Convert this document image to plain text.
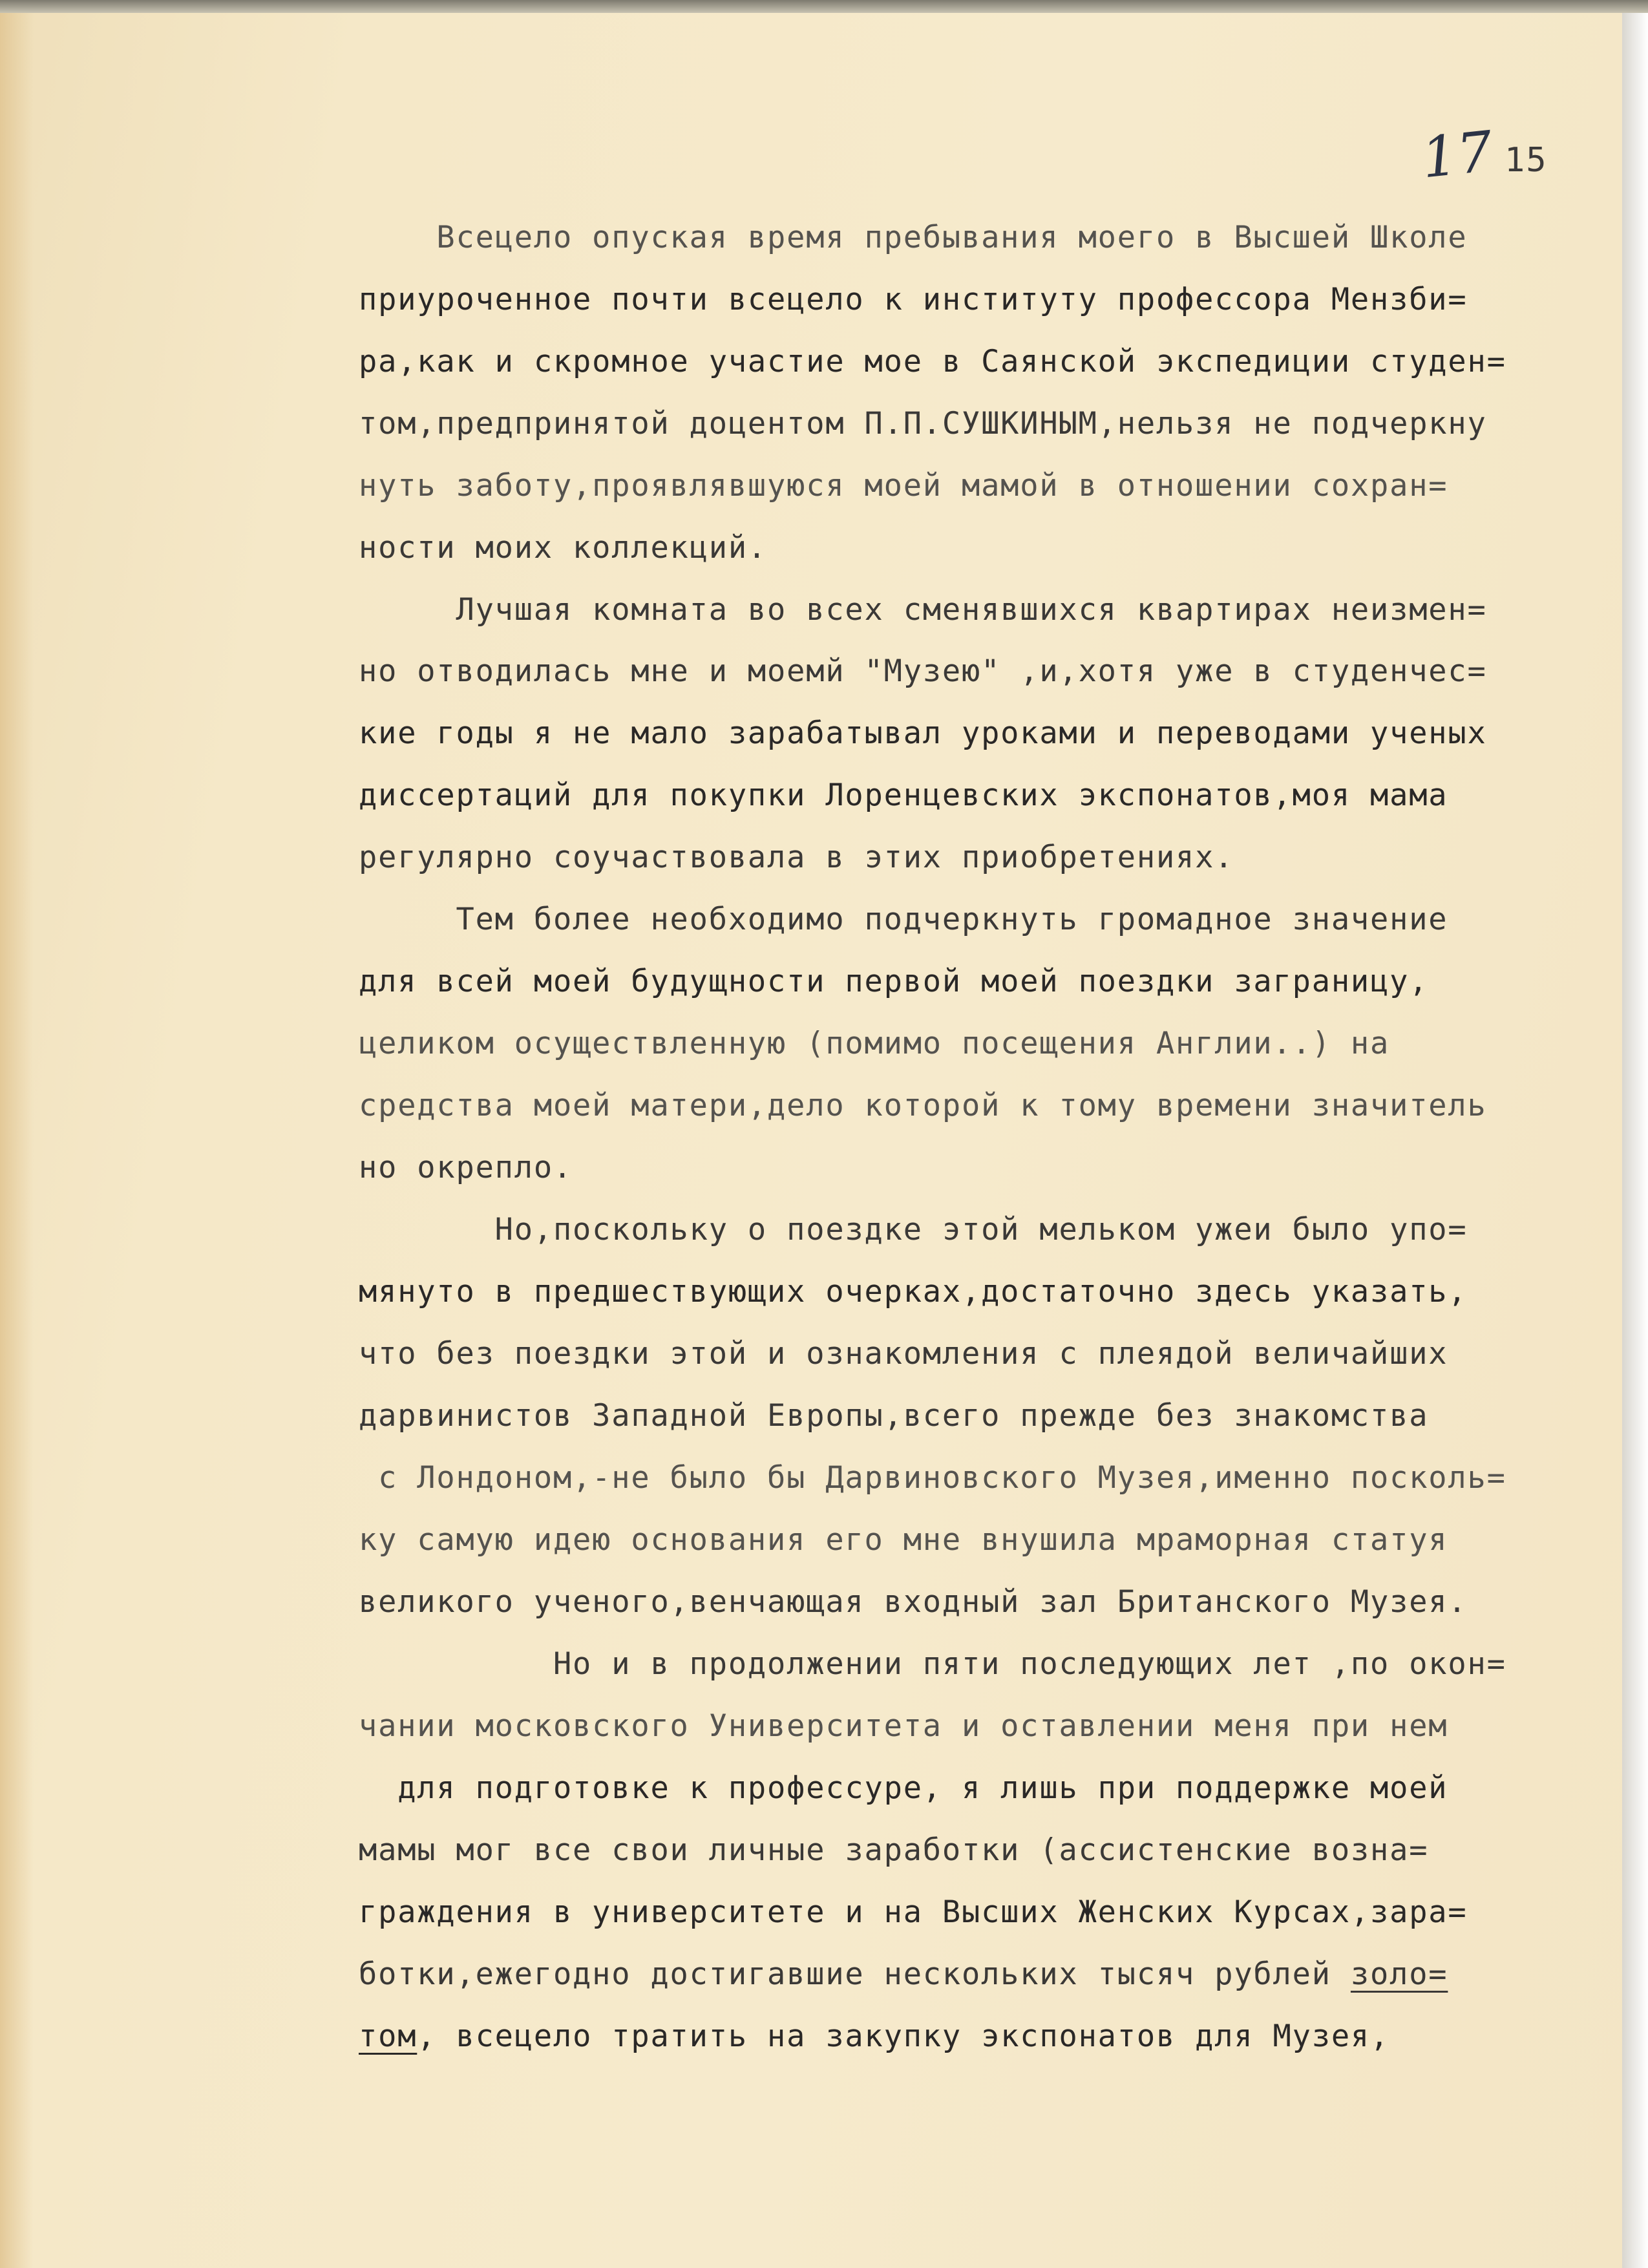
17 15
Всецело опуская время пребывания моего в Высшей Школе
приуроченное почти всецело к институту профессора Мензби=
ра,как и скромное участие мое в Саянской экспедиции студен=
том,предпринятой доцентом П.П.СУШКИНЫМ,нельзя не подчеркну
нуть заботу,проявлявшуюся моей мамой в отношении сохран=
ности моих коллекций.
Лучшая комната во всех сменявшихся квартирах неизмен=
но отводилась мне и моемй "Музею" ,и,хотя уже в студенчес=
кие годы я не мало зарабатывал уроками и переводами ученых
диссертаций для покупки Лоренцевских экспонатов,моя мама
регулярно соучаствовала в этих приобретениях.
Тем более необходимо подчеркнуть громадное значение
для всей моей будущности первой моей поездки заграницу,
целиком осуществленную (помимо посещения Англии..) на
средства моей матери,дело которой к тому времени значитель
но окрепло.
Но,поскольку о поездке этой мельком ужеи было упо=
мянуто в предшествующих очерках,достаточно здесь указать,
что без поездки этой и ознакомления с плеядой величайших
дарвинистов Западной Европы,всего прежде без знакомства
с Лондоном,-не было бы Дарвиновского Музея,именно посколь=
ку самую идею основания его мне внушила мраморная статуя
великого ученого,венчающая входный зал Британского Музея.
Но и в продолжении пяти последующих лет ,по окон=
чании московского Университета и оставлении меня при нем
для подготовке к профессуре, я лишь при поддержке моей
мамы мог все свои личные заработки (ассистенские возна=
граждения в университете и на Высших Женских Курсах,зара=
ботки,ежегодно достигавшие нескольких тысяч рублей золо=
том, всецело тратить на закупку экспонатов для Музея,
